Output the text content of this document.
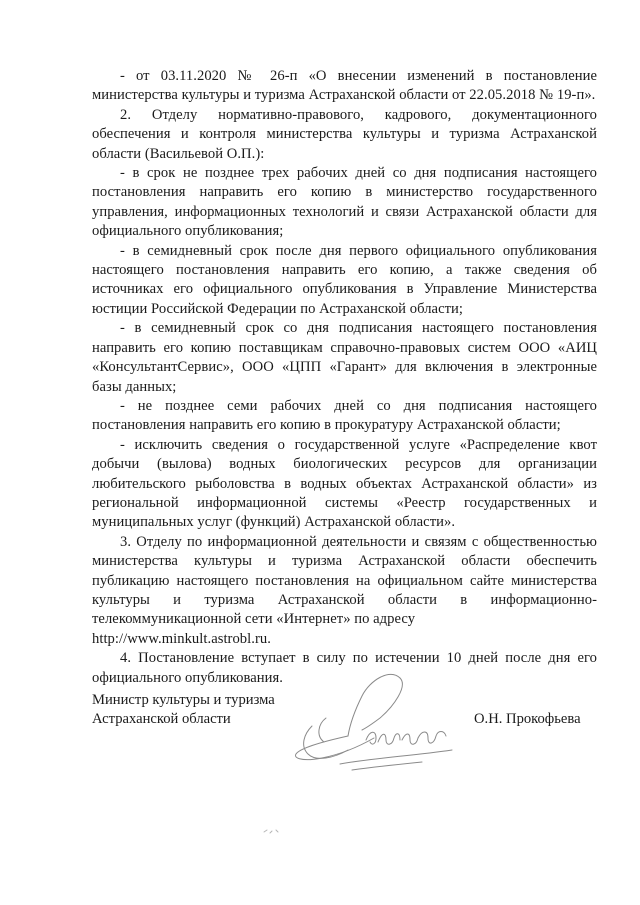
- от 03.11.2020 № 26-п «О внесении изменений в постановление министерства культуры и туризма Астраханской области от 22.05.2018 № 19-п».

2. Отделу нормативно-правового, кадрового, документационного обеспечения и контроля министерства культуры и туризма Астраханской области (Васильевой О.П.):

- в срок не позднее трех рабочих дней со дня подписания настоящего постановления направить его копию в министерство государственного управления, информационных технологий и связи Астраханской области для официального опубликования;

- в семидневный срок после дня первого официального опубликования настоящего постановления направить его копию, а также сведения об источниках его официального опубликования в Управление Министерства юстиции Российской Федерации по Астраханской области;

- в семидневный срок со дня подписания настоящего постановления направить его копию поставщикам справочно-правовых систем ООО «АИЦ «КонсультантСервис», ООО «ЦПП «Гарант» для включения в электронные базы данных;

- не позднее семи рабочих дней со дня подписания настоящего постановления направить его копию в прокуратуру Астраханской области;

- исключить сведения о государственной услуге «Распределение квот добычи (вылова) водных биологических ресурсов для организации любительского рыболовства в водных объектах Астраханской области» из региональной информационной системы «Реестр государственных и муниципальных услуг (функций) Астраханской области».

3. Отделу по информационной деятельности и связям с общественностью министерства культуры и туризма Астраханской области обеспечить публикацию настоящего постановления на официальном сайте министерства культуры и туризма Астраханской области в информационно-телекоммуникационной сети «Интернет» по адресу

http://www.minkult.astrobl.ru.

4. Постановление вступает в силу по истечении 10 дней после дня его официального опубликования.

Министр культуры и туризма
Астраханской области	О.Н. Прокофьева
